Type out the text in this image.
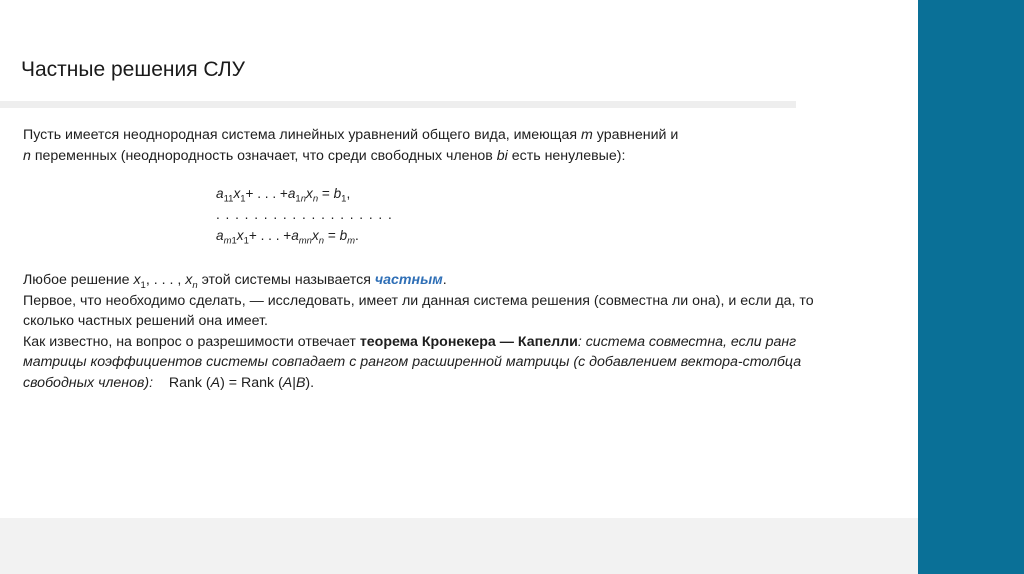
Частные решения СЛУ
Пусть имеется неоднородная система линейных уравнений общего вида, имеющая m уравнений и
n переменных (неоднородность означает, что среди свободных членов bi есть ненулевые):
$a_{11}x_1+$ . . . $+a_{1n}x_n = b_1$,
. . . . . . . . . . . . . . . . . . .
$a_{m1}x_1+$ . . . $+a_{mn}x_n = b_m$.
Любое решение $x_1$, . . . , $x_n$ этой системы называется частным.
Первое, что необходимо сделать, — исследовать, имеет ли данная система решения (совместна ли она), и если да, то
сколько частных решений она имеет.
Как известно, на вопрос о разрешимости отвечает теорема Кронекера — Капелли: система совместна, если ранг
матрицы коэффициентов системы совпадает с рангом расширенной матрицы (с добавлением вектора-столбца
свободных членов):    Rank (A) = Rank (A|B).
